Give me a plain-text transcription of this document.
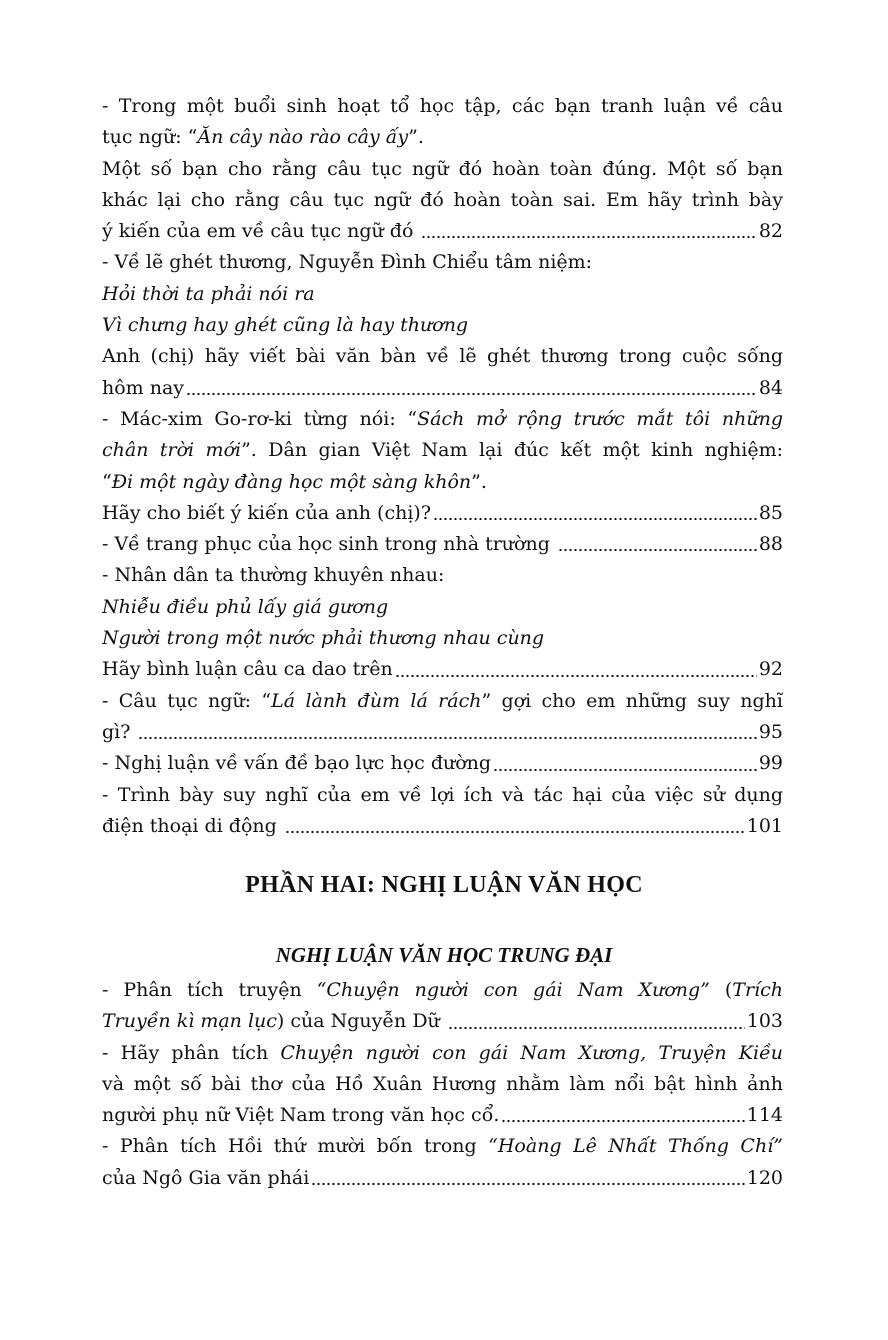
- Trong một buổi sinh hoạt tổ học tập, các bạn tranh luận về câu
tục ngữ: “Ăn cây nào rào cây ấy”.
Một số bạn cho rằng câu tục ngữ đó hoàn toàn đúng. Một số bạn
khác lại cho rằng câu tục ngữ đó hoàn toàn sai. Em hãy trình bày
ý kiến của em về câu tục ngữ đó	82
- Về lẽ ghét thương, Nguyễn Đình Chiểu tâm niệm:
Hỏi thời ta phải nói ra
Vì chưng hay ghét cũng là hay thương
Anh (chị) hãy viết bài văn bàn về lẽ ghét thương trong cuộc sống
hôm nay	84
- Mác-xim Go-rơ-ki từng nói: “Sách mở rộng trước mắt tôi những
chân trời mới”. Dân gian Việt Nam lại đúc kết một kinh nghiệm:
“Đi một ngày đàng học một sàng khôn”.
Hãy cho biết ý kiến của anh (chị)?	85
- Về trang phục của học sinh trong nhà trường	88
- Nhân dân ta thường khuyên nhau:
Nhiễu điều phủ lấy giá gương
Người trong một nước phải thương nhau cùng
Hãy bình luận câu ca dao trên	92
- Câu tục ngữ: “Lá lành đùm lá rách” gợi cho em những suy nghĩ
gì?	95
- Nghị luận về vấn đề bạo lực học đường	99
- Trình bày suy nghĩ của em về lợi ích và tác hại của việc sử dụng
điện thoại di động	101
PHẦN HAI: NGHỊ LUẬN VĂN HỌC
NGHỊ LUẬN VĂN HỌC TRUNG ĐẠI
- Phân tích truyện “Chuyện người con gái Nam Xương” (Trích
Truyền kì mạn lục) của Nguyễn Dữ	103
- Hãy phân tích Chuyện người con gái Nam Xương, Truyện Kiều
và một số bài thơ của Hồ Xuân Hương nhằm làm nổi bật hình ảnh
người phụ nữ Việt Nam trong văn học cổ.	114
- Phân tích Hồi thứ mười bốn trong “Hoàng Lê Nhất Thống Chí”
của Ngô Gia văn phái	120
